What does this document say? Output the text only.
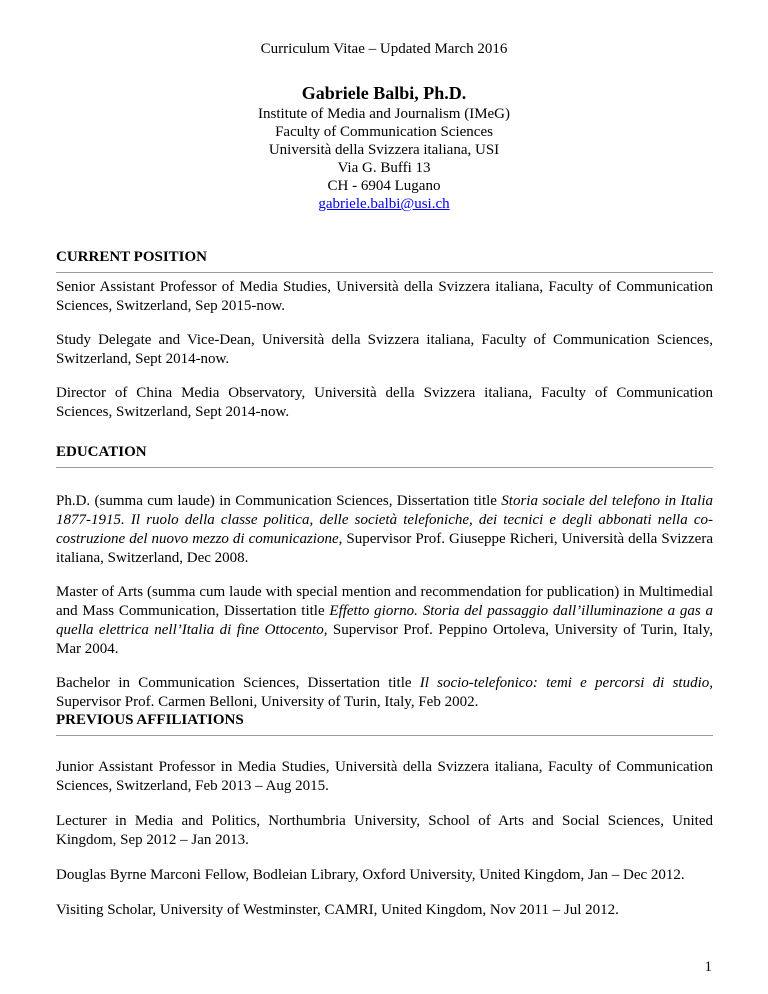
Curriculum Vitae – Updated March 2016
Gabriele Balbi, Ph.D.
Institute of Media and Journalism (IMeG)
Faculty of Communication Sciences
Università della Svizzera italiana, USI
Via G. Buffi 13
CH - 6904 Lugano
gabriele.balbi@usi.ch
CURRENT POSITION

Senior Assistant Professor of Media Studies, Università della Svizzera italiana, Faculty of Communication Sciences, Switzerland, Sep 2015-now.

Study Delegate and Vice-Dean, Università della Svizzera italiana, Faculty of Communication Sciences, Switzerland, Sept 2014-now.

Director of China Media Observatory, Università della Svizzera italiana, Faculty of Communication Sciences, Switzerland, Sept 2014-now.

EDUCATION

Ph.D. (summa cum laude) in Communication Sciences, Dissertation title Storia sociale del telefono in Italia 1877-1915. Il ruolo della classe politica, delle società telefoniche, dei tecnici e degli abbonati nella co-costruzione del nuovo mezzo di comunicazione, Supervisor Prof. Giuseppe Richeri, Università della Svizzera italiana, Switzerland, Dec 2008.

Master of Arts (summa cum laude with special mention and recommendation for publication) in Multimedial and Mass Communication, Dissertation title Effetto giorno. Storia del passaggio dall’illuminazione a gas a quella elettrica nell’Italia di fine Ottocento, Supervisor Prof. Peppino Ortoleva, University of Turin, Italy, Mar 2004.

Bachelor in Communication Sciences, Dissertation title Il socio-telefonico: temi e percorsi di studio, Supervisor Prof. Carmen Belloni, University of Turin, Italy, Feb 2002.

PREVIOUS AFFILIATIONS

Junior Assistant Professor in Media Studies, Università della Svizzera italiana, Faculty of Communication Sciences, Switzerland, Feb 2013 – Aug 2015.

Lecturer in Media and Politics, Northumbria University, School of Arts and Social Sciences, United Kingdom, Sep 2012 – Jan 2013.

Douglas Byrne Marconi Fellow, Bodleian Library, Oxford University, United Kingdom, Jan – Dec 2012.

Visiting Scholar, University of Westminster, CAMRI, United Kingdom, Nov 2011 – Jul 2012.

1
